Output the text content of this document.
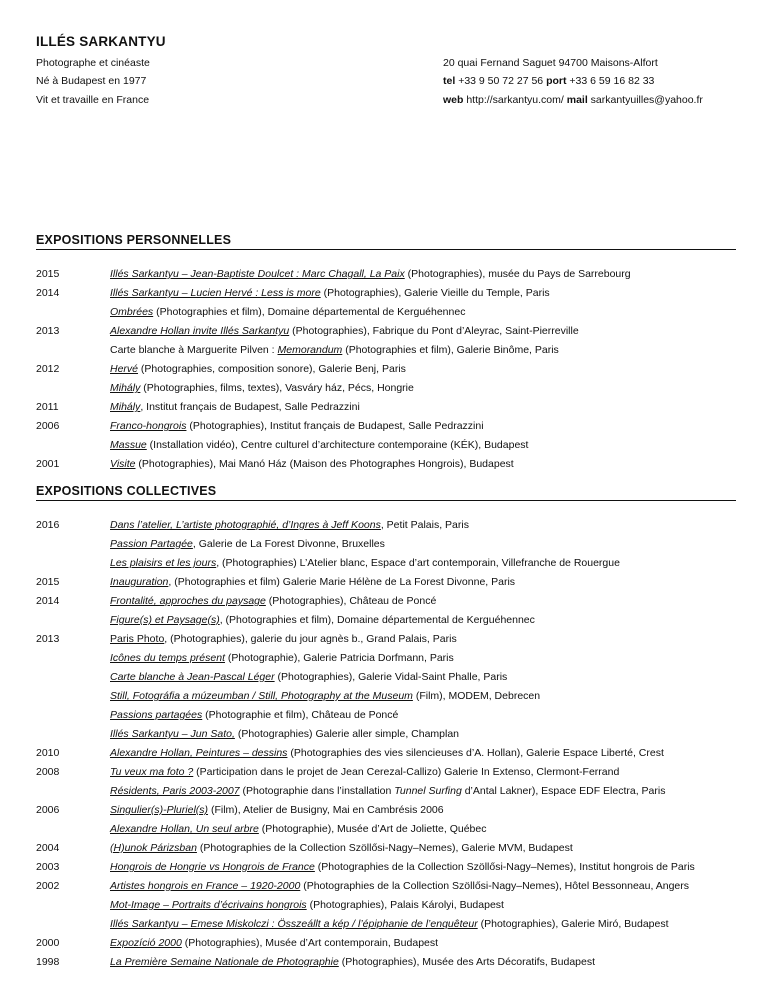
ILLÉS SARKANTYU
Photographe et cinéaste
Né à Budapest en 1977
Vit et travaille en France
20 quai Fernand Saguet 94700 Maisons-Alfort
tel +33 9 50 72 27 56 port +33 6 59 16 82 33
web http://sarkantyu.com/ mail sarkantyuilles@yahoo.fr
EXPOSITIONS PERSONNELLES
2015	Illés Sarkantyu – Jean-Baptiste Doulcet : Marc Chagall, La Paix (Photographies), musée du Pays de Sarrebourg
2014	Illés Sarkantyu – Lucien Hervé : Less is more (Photographies), Galerie Vieille du Temple, Paris
Ombrées (Photographies et film), Domaine départemental de Kerguéhennec
2013	Alexandre Hollan invite Illés Sarkantyu (Photographies), Fabrique du Pont d’Aleyrac, Saint-Pierreville
Carte blanche à Marguerite Pilven : Memorandum (Photographies et film), Galerie Binôme, Paris
2012	Hervé (Photographies, composition sonore), Galerie Benj, Paris
Mihály (Photographies, films, textes), Vasváry ház, Pécs, Hongrie
2011	Mihály, Institut français de Budapest, Salle Pedrazzini
2006	Franco-hongrois (Photographies), Institut français de Budapest, Salle Pedrazzini
Massue (Installation vidéo), Centre culturel d’architecture contemporaine (KÉK), Budapest
2001	Visite (Photographies), Mai Manó Ház (Maison des Photographes Hongrois), Budapest
EXPOSITIONS COLLECTIVES
2016	Dans l’atelier, L’artiste photographié, d’Ingres à Jeff Koons, Petit Palais, Paris
Passion Partagée, Galerie de La Forest Divonne, Bruxelles
Les plaisirs et les jours, (Photographies) L’Atelier blanc, Espace d’art contemporain, Villefranche de Rouergue
2015	Inauguration, (Photographies et film) Galerie Marie Hélène de La Forest Divonne, Paris
2014	Frontalité, approches du paysage (Photographies), Château de Poncé
Figure(s) et Paysage(s), (Photographies et film), Domaine départemental de Kerguéhennec
2013	Paris Photo, (Photographies), galerie du jour agnès b., Grand Palais, Paris
Icônes du temps présent (Photographie), Galerie Patricia Dorfmann, Paris
Carte blanche à Jean-Pascal Léger (Photographies), Galerie Vidal-Saint Phalle, Paris
Still, Fotográfia a múzeumban / Still, Photography at the Museum (Film), MODEM, Debrecen
Passions partagées (Photographie et film), Château de Poncé
Illés Sarkantyu – Jun Sato, (Photographies) Galerie aller simple, Champlan
2010	Alexandre Hollan, Peintures – dessins (Photographies des vies silencieuses d’A. Hollan), Galerie Espace Liberté, Crest
2008	Tu veux ma foto ? (Participation dans le projet de Jean Cerezal-Callizo) Galerie In Extenso, Clermont-Ferrand
Résidents, Paris 2003-2007 (Photographie dans l’installation Tunnel Surfing d’Antal Lakner), Espace EDF Electra, Paris
2006	Singulier(s)-Pluriel(s) (Film), Atelier de Busigny, Mai en Cambrésis 2006
Alexandre Hollan, Un seul arbre (Photographie), Musée d’Art de Joliette, Québec
2004	(H)unok Párizsban (Photographies de la Collection Szöllősi-Nagy–Nemes), Galerie MVM, Budapest
2003	Hongrois de Hongrie vs Hongrois de France (Photographies de la Collection Szöllősi-Nagy–Nemes), Institut hongrois de Paris
2002	Artistes hongrois en France – 1920-2000 (Photographies de la Collection Szöllősi-Nagy–Nemes), Hôtel Bessonneau, Angers
Mot-Image – Portraits d’écrivains hongrois (Photographies), Palais Károlyi, Budapest
Illés Sarkantyu – Emese Miskolczi : Összeállt a kép / l’épiphanie de l’enquêteur (Photographies), Galerie Miró, Budapest
2000	Expozíció 2000 (Photographies), Musée d’Art contemporain, Budapest
1998	La Première Semaine Nationale de Photographie (Photographies), Musée des Arts Décoratifs, Budapest
